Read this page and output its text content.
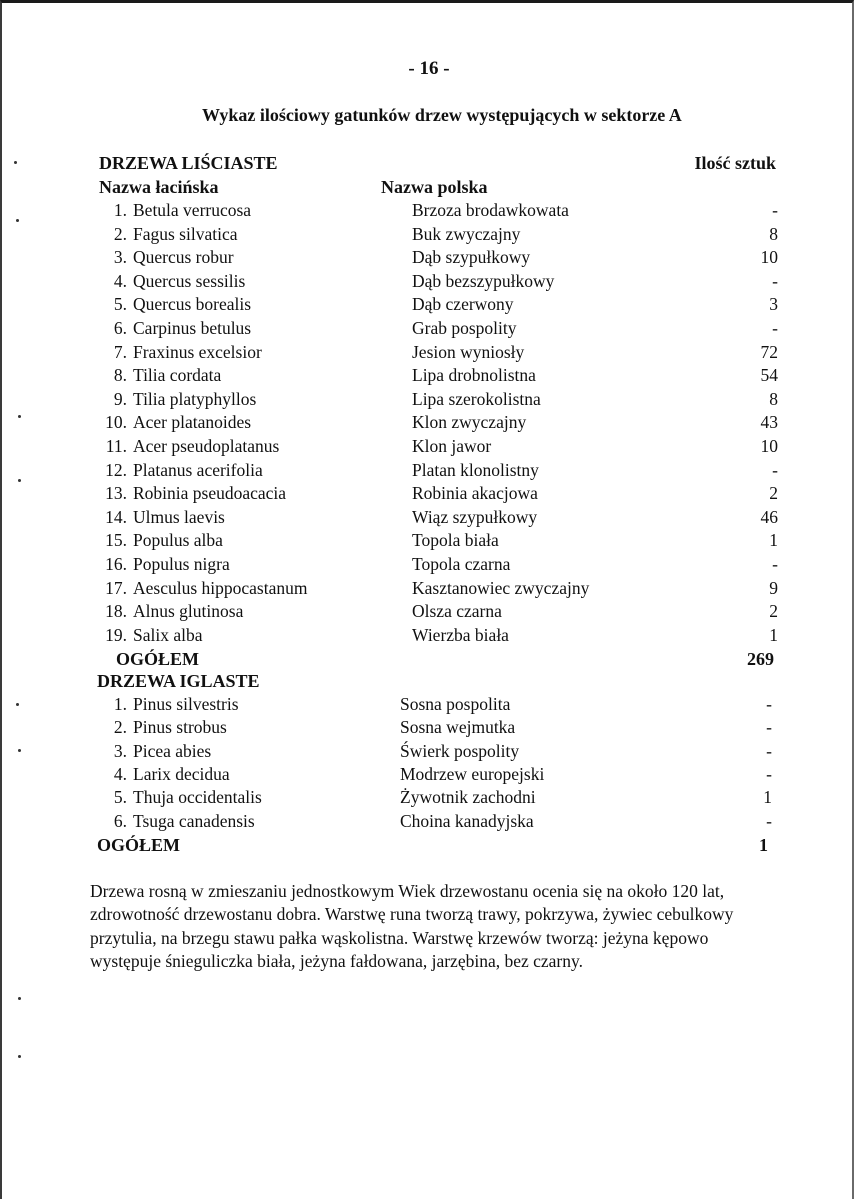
- 16 -
Wykaz ilościowy gatunków drzew występujących w sektorze A
DRZEWA LIŚCIASTE	Ilość sztuk
Nazwa łacińska	Nazwa polska
1. Betula verrucosa	Brzoza brodawkowata	-
2. Fagus silvatica	Buk zwyczajny	8
3. Quercus robur	Dąb szypułkowy	10
4. Quercus sessilis	Dąb bezszypułkowy	-
5. Quercus borealis	Dąb czerwony	3
6. Carpinus betulus	Grab pospolity	-
7. Fraxinus excelsior	Jesion wyniosły	72
8. Tilia cordata	Lipa drobnolistna	54
9. Tilia platyphyllos	Lipa szerokolistna	8
10. Acer platanoides	Klon zwyczajny	43
11. Acer pseudoplatanus	Klon jawor	10
12. Platanus acerifolia	Platan klonolistny	-
13. Robinia pseudoacacia	Robinia akacjowa	2
14. Ulmus laevis	Wiąz szypułkowy	46
15. Populus alba	Topola biała	1
16. Populus nigra	Topola czarna	-
17. Aesculus hippocastanum	Kasztanowiec zwyczajny	9
18. Alnus glutinosa	Olsza czarna	2
19. Salix alba	Wierzba biała	1
OGÓŁEM	269
DRZEWA IGLASTE
1. Pinus silvestris	Sosna pospolita	-
2. Pinus strobus	Sosna wejmutka	-
3. Picea abies	Świerk pospolity	-
4. Larix decidua	Modrzew europejski	-
5. Thuja occidentalis	Żywotnik zachodni	1
6. Tsuga canadensis	Choina kanadyjska	-
OGÓŁEM	1
Drzewa rosną w zmieszaniu jednostkowym Wiek drzewostanu ocenia się na około 120 lat,
zdrowotność drzewostanu dobra. Warstwę runa tworzą trawy, pokrzywa, żywiec cebulkowy
przytulia, na brzegu stawu pałka wąskolistna. Warstwę krzewów tworzą: jeżyna kępowo
występuje śnieguliczka biała, jeżyna fałdowana, jarzębina, bez czarny.
